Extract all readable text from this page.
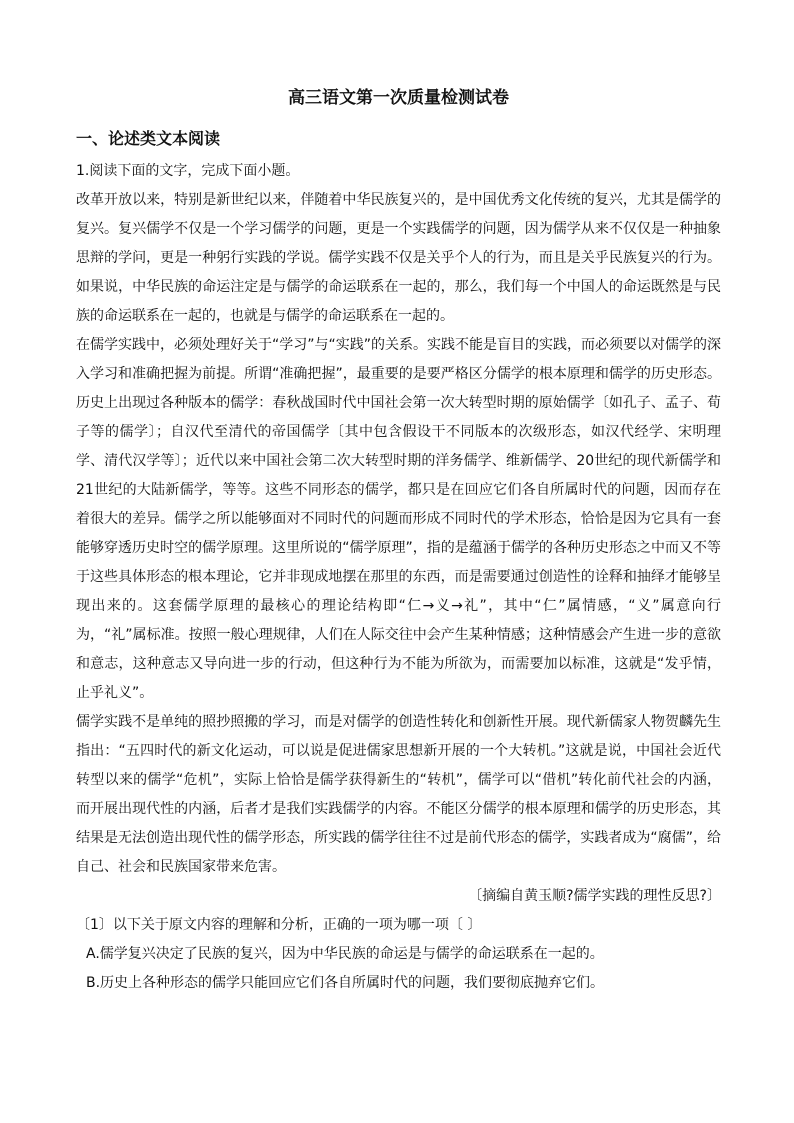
高三语文第一次质量检测试卷
一、论述类文本阅读

1.阅读下面的文字，完成下面小题。

改革开放以来，特别是新世纪以来，伴随着中华民族复兴的，是中国优秀文化传统的复兴，尤其是儒学的复兴。复兴儒学不仅是一个学习儒学的问题，更是一个实践儒学的问题，因为儒学从来不仅仅是一种抽象思辩的学问，更是一种躬行实践的学说。儒学实践不仅是关乎个人的行为，而且是关乎民族复兴的行为。如果说，中华民族的命运注定是与儒学的命运联系在一起的，那么，我们每一个中国人的命运既然是与民族的命运联系在一起的，也就是与儒学的命运联系在一起的。

在儒学实践中，必须处理好关于“学习”与“实践”的关系。实践不能是盲目的实践，而必须要以对儒学的深入学习和准确把握为前提。所谓“准确把握”，最重要的是要严格区分儒学的根本原理和儒学的历史形态。历史上出现过各种版本的儒学：春秋战国时代中国社会第一次大转型时期的原始儒学〔如孔子、孟子、荀子等的儒学〕；自汉代至清代的帝国儒学〔其中包含假设干不同版本的次级形态，如汉代经学、宋明理学、清代汉学等〕；近代以来中国社会第二次大转型时期的洋务儒学、维新儒学、20世纪的现代新儒学和21世纪的大陆新儒学，等等。这些不同形态的儒学，都只是在回应它们各自所属时代的问题，因而存在着很大的差异。儒学之所以能够面对不同时代的问题而形成不同时代的学术形态，恰恰是因为它具有一套能够穿透历史时空的儒学原理。这里所说的“儒学原理”，指的是蕴涵于儒学的各种历史形态之中而又不等于这些具体形态的根本理论，它并非现成地摆在那里的东西，而是需要通过创造性的诠释和抽绎才能够呈现出来的。这套儒学原理的最核心的理论结构即“仁→义→礼”，其中“仁”属情感，“义”属意向行为，“礼”属标准。按照一般心理规律，人们在人际交往中会产生某种情感；这种情感会产生进一步的意欲和意志，这种意志又导向进一步的行动，但这种行为不能为所欲为，而需要加以标准，这就是“发乎情，止乎礼义”。

儒学实践不是单纯的照抄照搬的学习，而是对儒学的创造性转化和创新性开展。现代新儒家人物贺麟先生指出：“五四时代的新文化运动，可以说是促进儒家思想新开展的一个大转机。”这就是说，中国社会近代转型以来的儒学“危机”，实际上恰恰是儒学获得新生的“转机”，儒学可以“借机”转化前代社会的内涵，而开展出现代性的内涵，后者才是我们实践儒学的内容。不能区分儒学的根本原理和儒学的历史形态，其结果是无法创造出现代性的儒学形态，所实践的儒学往往不过是前代形态的儒学，实践者成为“腐儒”，给自己、社会和民族国家带来危害。

〔摘编自黄玉顺?儒学实践的理性反思?〕

〔1〕以下关于原文内容的理解和分析，正确的一项为哪一项〔 〕

A.儒学复兴决定了民族的复兴，因为中华民族的命运是与儒学的命运联系在一起的。

B.历史上各种形态的儒学只能回应它们各自所属时代的问题，我们要彻底抛弃它们。
